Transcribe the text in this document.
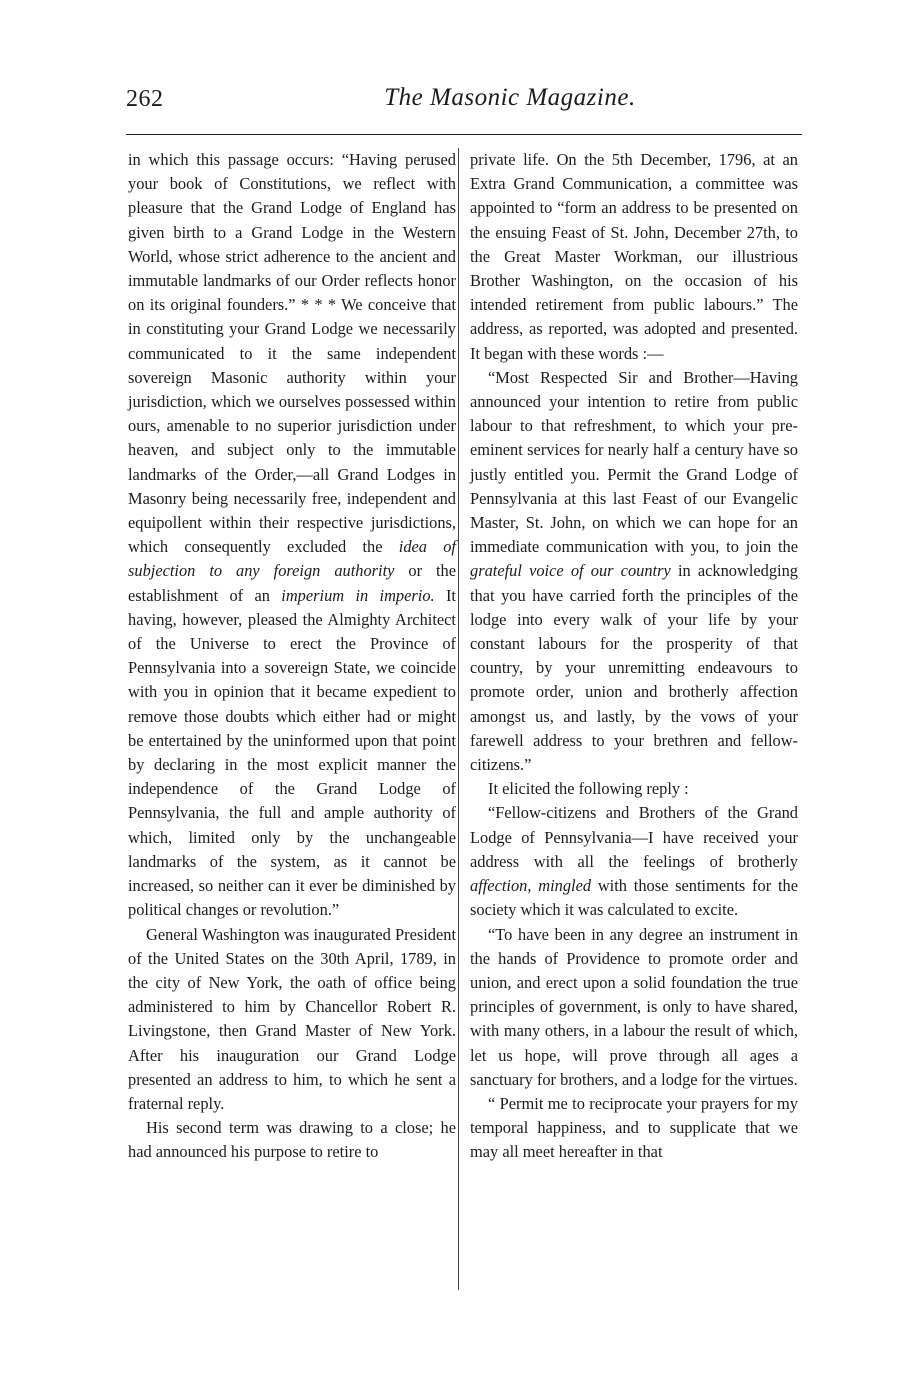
262	The Masonic Magazine.

in which this passage occurs: “Having perused your book of Constitutions, we reflect with pleasure that the Grand Lodge of England has given birth to a Grand Lodge in the Western World, whose strict adherence to the ancient and immutable landmarks of our Order reflects honor on its original founders.” * * * We conceive that in constituting your Grand Lodge we necessarily communicated to it the same independent sovereign Masonic authority within your jurisdiction, which we ourselves possessed within ours, amenable to no superior jurisdiction under heaven, and subject only to the immutable landmarks of the Order,—all Grand Lodges in Masonry being necessarily free, independent and equipollent within their respective jurisdictions, which consequently excluded the idea of subjection to any foreign authority or the establishment of an imperium in imperio. It having, however, pleased the Almighty Architect of the Universe to erect the Province of Pennsylvania into a sovereign State, we coincide with you in opinion that it became expedient to remove those doubts which either had or might be entertained by the uninformed upon that point by declaring in the most explicit manner the independence of the Grand Lodge of Pennsylvania, the full and ample authority of which, limited only by the unchangeable landmarks of the system, as it cannot be increased, so neither can it ever be diminished by political changes or revolution.”

General Washington was inaugurated President of the United States on the 30th April, 1789, in the city of New York, the oath of office being administered to him by Chancellor Robert R. Livingstone, then Grand Master of New York. After his inauguration our Grand Lodge presented an address to him, to which he sent a fraternal reply.

His second term was drawing to a close; he had announced his purpose to retire to

private life. On the 5th December, 1796, at an Extra Grand Communication, a committee was appointed to “form an address to be presented on the ensuing Feast of St. John, December 27th, to the Great Master Workman, our illustrious Brother Washington, on the occasion of his intended retirement from public labours.” The address, as reported, was adopted and presented. It began with these words :—

“Most Respected Sir and Brother—Having announced your intention to retire from public labour to that refreshment, to which your pre-eminent services for nearly half a century have so justly entitled you. Permit the Grand Lodge of Pennsylvania at this last Feast of our Evangelic Master, St. John, on which we can hope for an immediate communication with you, to join the grateful voice of our country in acknowledging that you have carried forth the principles of the lodge into every walk of your life by your constant labours for the prosperity of that country, by your unremitting endeavours to promote order, union and brotherly affection amongst us, and lastly, by the vows of your farewell address to your brethren and fellow-citizens.”

It elicited the following reply :

“Fellow-citizens and Brothers of the Grand Lodge of Pennsylvania—I have received your address with all the feelings of brotherly affection, mingled with those sentiments for the society which it was calculated to excite.

“To have been in any degree an instrument in the hands of Providence to promote order and union, and erect upon a solid foundation the true principles of government, is only to have shared, with many others, in a labour the result of which, let us hope, will prove through all ages a sanctuary for brothers, and a lodge for the virtues.

“ Permit me to reciprocate your prayers for my temporal happiness, and to supplicate that we may all meet hereafter in that
